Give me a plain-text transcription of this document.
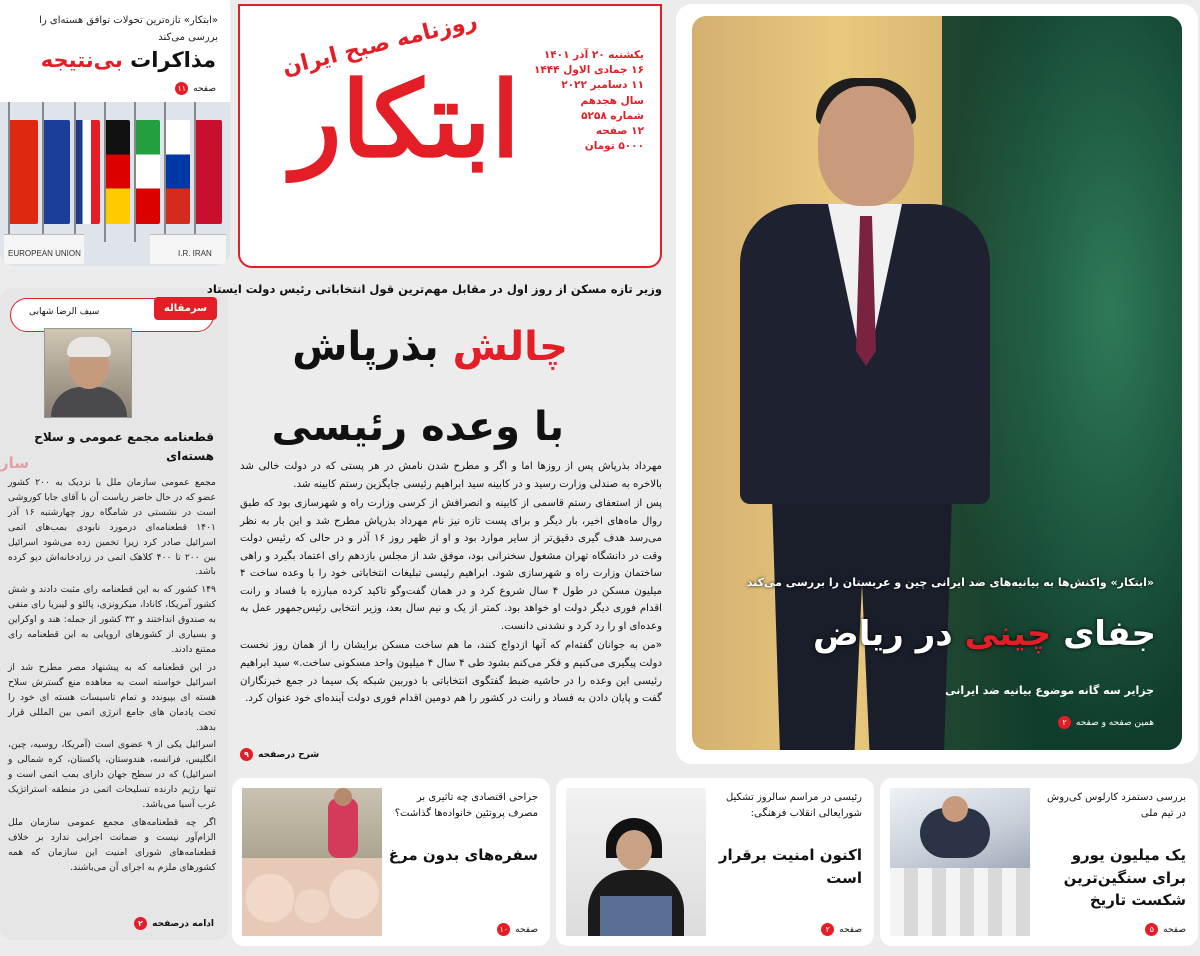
«ابتکار» تازه‌ترین تحولات توافق هسته‌ای را بررسی می‌کند
مذاکرات بی‌نتیجه
صفحه ۱۱
EUROPEAN UNION	I.R. IRAN
روزنامه صبح ایران
ابتکار
یکشنبه ۲۰ آذر ۱۴۰۱
۱۶ جمادی الاول ۱۴۴۴
۱۱ دسامبر ۲۰۲۲
سال هجدهم
شماره ۵۲۵۸
۱۲ صفحه
۵۰۰۰ تومان
سرمقاله
سیف الرضا شهابی
قطعنامه مجمع عمومی و سلاح هسته‌ای
سار

مجمع عمومی سازمان ملل با نزدیک به ۲۰۰ کشور عضو که در حال حاضر ریاست آن با آقای جابا کوروشی است در نشستی در شامگاه روز چهارشنبه ۱۶ آذر ۱۴۰۱ قطعنامه‌ای درمورد نابودی بمب‌های اتمی اسرائیل صادر کرد زیرا تخمین زده می‌شود اسرائیل بین ۲۰۰ تا ۴۰۰ کلاهک اتمی در زرادخانه‌اش دپو کرده باشد.

۱۴۹ کشور که به این قطعنامه رای مثبت دادند و شش کشور آمریکا، کانادا، میکرونزی، پالئو و لیبریا رای منفی به صندوق انداختند و ۳۲ کشور از جمله: هند و اوکراین و بسیاری از کشورهای اروپایی به این قطعنامه رای ممتنع دادند.

در این قطعنامه که به پیشنهاد مصر مطرح شد از اسرائیل خواسته است به معاهده منع گسترش سلاح هسته ای بپیوندد و تمام تاسیسات هسته ای خود را تحت پادمان های جامع انرژی اتمی بین المللی قرار بدهد.

اسرائیل یکی از ۹ عضوی است (آمریکا، روسیه، چین، انگلیس، فرانسه، هندوستان، پاکستان، کره شمالی و اسرائیل) که در سطح جهان دارای بمب اتمی است و تنها رژیم دارنده تسلیحات اتمی در منطقه استراتژیک غرب آسیا می‌باشد.

اگر چه قطعنامه‌های مجمع عمومی سازمان ملل الزام‌آور نیست و ضمانت اجرایی ندارد بر خلاف قطعنامه‌های شورای امنیت این سازمان که همه کشورهای ملزم به اجرای آن می‌باشند.

ادامه درصفحه ۲
وزیر تازه مسکن از روز اول در مقابل مهم‌ترین قول انتخاباتی رئیس دولت ایستاد
چالش بذرپاش
با وعده رئیسی

مهرداد بذرپاش پس از روزها اما و اگر و مطرح شدن نامش در هر پستی که در دولت خالی شد بالاخره به صندلی وزارت رسید و در کابینه سید ابراهیم رئیسی جایگزین رستم کابینه شد.

پس از استعفای رستم قاسمی از کابینه و انصرافش از کرسی وزارت راه و شهرسازی بود که طبق روال ماه‌های اخیر، بار دیگر و برای پست تازه نیز نام مهرداد بذرپاش مطرح شد و این بار به نظر می‌رسد هدف گیری دقیق‌تر از سایر موارد بود و او از ظهر روز ۱۶ آذر و در حالی که رئیس دولت وقت در دانشگاه تهران مشغول سخنرانی بود، موفق شد از مجلس بازدهم رای اعتماد بگیرد و راهی ساختمان وزارت راه و شهرسازی شود. ابراهیم رئیسی تبلیغات انتخاباتی خود را با وعده ساخت ۴ میلیون مسکن در طول ۴ سال شروع کرد و در همان گفت‌وگو تاکید کرده مبارزه با فساد و رانت اقدام فوری دیگر دولت او خواهد بود. کمتر از یک و نیم سال بعد، وزیر انتخابی رئیس‌جمهور عمل به وعده‌ای او را رد کرد و نشدنی دانست.

«من به جوانان گفته‌ام که آنها ازدواج کنند، ما هم ساخت مسکن برایشان را از همان روز نخست دولت پیگیری می‌کنیم و فکر می‌کنم بشود طی ۴ سال ۴ میلیون واحد مسکونی ساخت.» سید ابراهیم رئیسی این وعده را در حاشیه ضبط گفتگوی انتخاباتی با دوربین شبکه یک سیما در جمع خبرنگاران گفت و پایان دادن به فساد و رانت در کشور را هم دومین اقدام فوری دولت آینده‌ای خود عنوان کرد.

شرح درصفحه ۹
«ابتکار» واکنش‌ها به بیانیه‌های ضد ایرانی چین و عربستان را بررسی می‌کند
جفای چینی در ریاض
جزایر سه گانه موضوع بیانیه ضد ایرانی
همین صفحه و صفحه ۲
بررسی دستمزد کارلوس کی‌روش در تیم ملی
یک میلیون یورو برای سنگین‌ترین شکست تاریخ
صفحه ۵
رئیسی در مراسم سالروز تشکیل شورایعالی انقلاب فرهنگی:
اکنون امنیت برقرار است
صفحه ۲
جراحی اقتصادی چه تاثیری بر مصرف پروتئین خانواده‌ها گذاشت؟
سفره‌های بدون مرغ
صفحه ۱۰
